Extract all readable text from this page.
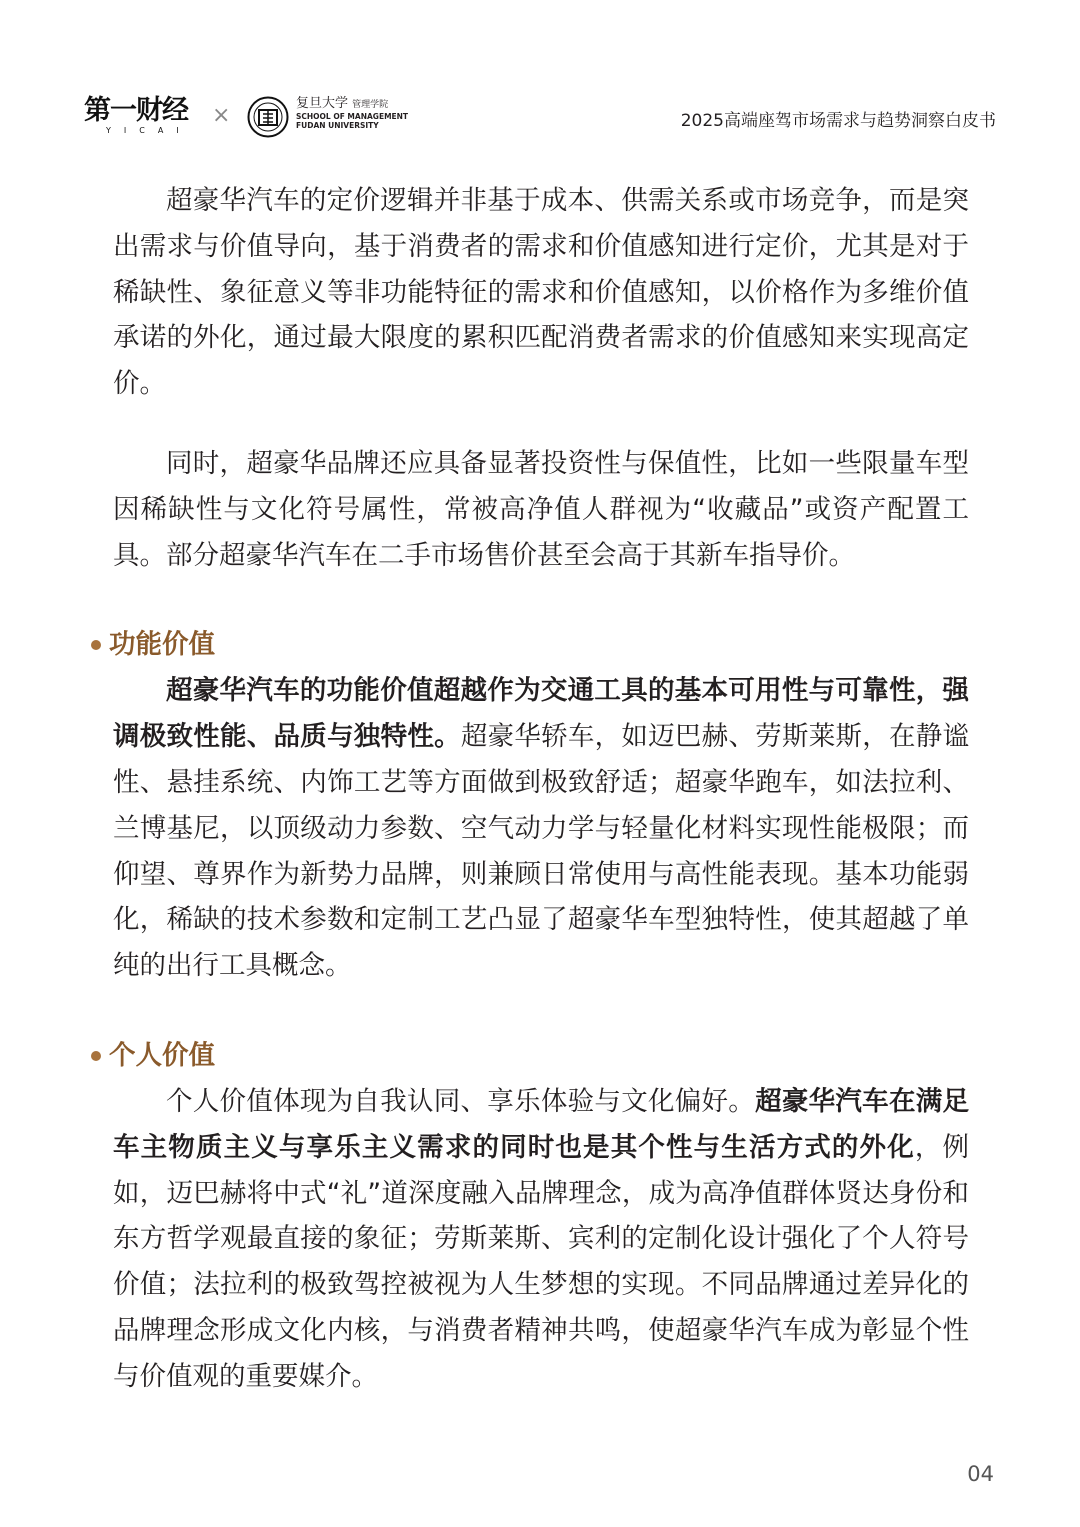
第一财经
YICAI
×	复旦大学 管理学院
SCHOOL OF MANAGEMENT
FUDAN UNIVERSITY	2025高端座驾市场需求与趋势洞察白皮书

超豪华汽车的定价逻辑并非基于成本、供需关系或市场竞争，而是突出需求与价值导向，基于消费者的需求和价值感知进行定价，尤其是对于稀缺性、象征意义等非功能特征的需求和价值感知，以价格作为多维价值承诺的外化，通过最大限度的累积匹配消费者需求的价值感知来实现高定价。

同时，超豪华品牌还应具备显著投资性与保值性，比如一些限量车型因稀缺性与文化符号属性，常被高净值人群视为“收藏品”或资产配置工具。部分超豪华汽车在二手市场售价甚至会高于其新车指导价。

功能价值

超豪华汽车的功能价值超越作为交通工具的基本可用性与可靠性，强调极致性能、品质与独特性。超豪华轿车，如迈巴赫、劳斯莱斯，在静谧性、悬挂系统、内饰工艺等方面做到极致舒适；超豪华跑车，如法拉利、兰博基尼，以顶级动力参数、空气动力学与轻量化材料实现性能极限；而仰望、尊界作为新势力品牌，则兼顾日常使用与高性能表现。基本功能弱化，稀缺的技术参数和定制工艺凸显了超豪华车型独特性，使其超越了单纯的出行工具概念。

个人价值

个人价值体现为自我认同、享乐体验与文化偏好。超豪华汽车在满足车主物质主义与享乐主义需求的同时也是其个性与生活方式的外化，例如，迈巴赫将中式“礼”道深度融入品牌理念，成为高净值群体贤达身份和东方哲学观最直接的象征；劳斯莱斯、宾利的定制化设计强化了个人符号价值；法拉利的极致驾控被视为人生梦想的实现。不同品牌通过差异化的品牌理念形成文化内核，与消费者精神共鸣，使超豪华汽车成为彰显个性与价值观的重要媒介。

04
